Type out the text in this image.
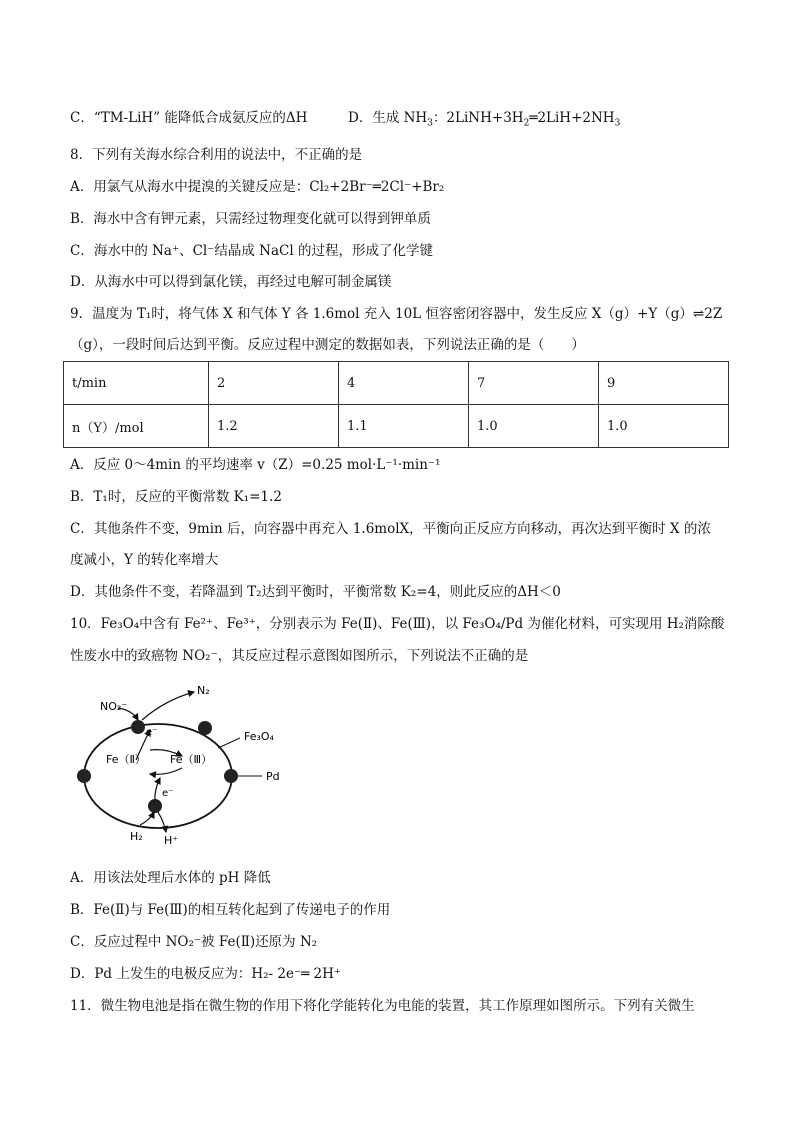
C．“TM-LiH” 能降低合成氨反应的ΔH	D．生成 $NH_3$：$2LiNH+3H_2═2LiH+2NH_3$
8．下列有关海水综合利用的说法中，不正确的是
A．用氯气从海水中提溴的关键反应是：Cl₂+2Br⁻═2Cl⁻+Br₂
B．海水中含有钾元素，只需经过物理变化就可以得到钾单质
C．海水中的 Na⁺、Cl⁻结晶成 NaCl 的过程，形成了化学键
D．从海水中可以得到氯化镁，再经过电解可制金属镁
9．温度为 T₁时，将气体 X 和气体 Y 各 1.6mol 充入 10L 恒容密闭容器中，发生反应 X（g）+Y（g）⇌2Z
（g），一段时间后达到平衡。反应过程中测定的数据如表，下列说法正确的是（　　）
t/min	2	4	7	9
n（Y）/mol	1.2	1.1	1.0	1.0
A．反应 0～4min 的平均速率 v（Z）=0.25 mol·L⁻¹·min⁻¹
B．T₁时，反应的平衡常数 K₁=1.2
C．其他条件不变，9min 后，向容器中再充入 1.6molX，平衡向正反应方向移动，再次达到平衡时 X 的浓
度减小，Y 的转化率增大
D．其他条件不变，若降温到 T₂达到平衡时，平衡常数 K₂=4，则此反应的ΔH＜0
10．Fe₃O₄中含有 Fe²⁺、Fe³⁺，分别表示为 Fe(Ⅱ)、Fe(Ⅲ)，以 Fe₃O₄/Pd 为催化材料，可实现用 H₂消除酸
性废水中的致癌物 NO₂⁻，其反应过程示意图如图所示，下列说法不正确的是
NO₂⁻
N₂
e⁻
Fe（Ⅱ） Fe（Ⅲ）
Fe₃O₄
Pd
e⁻
H₂ H⁺
A．用该法处理后水体的 pH 降低
B．Fe(Ⅱ)与 Fe(Ⅲ)的相互转化起到了传递电子的作用
C．反应过程中 NO₂⁻被 Fe(Ⅱ)还原为 N₂
D．Pd 上发生的电极反应为：H₂- 2e⁻═ 2H⁺
11．微生物电池是指在微生物的作用下将化学能转化为电能的装置，其工作原理如图所示。下列有关微生
